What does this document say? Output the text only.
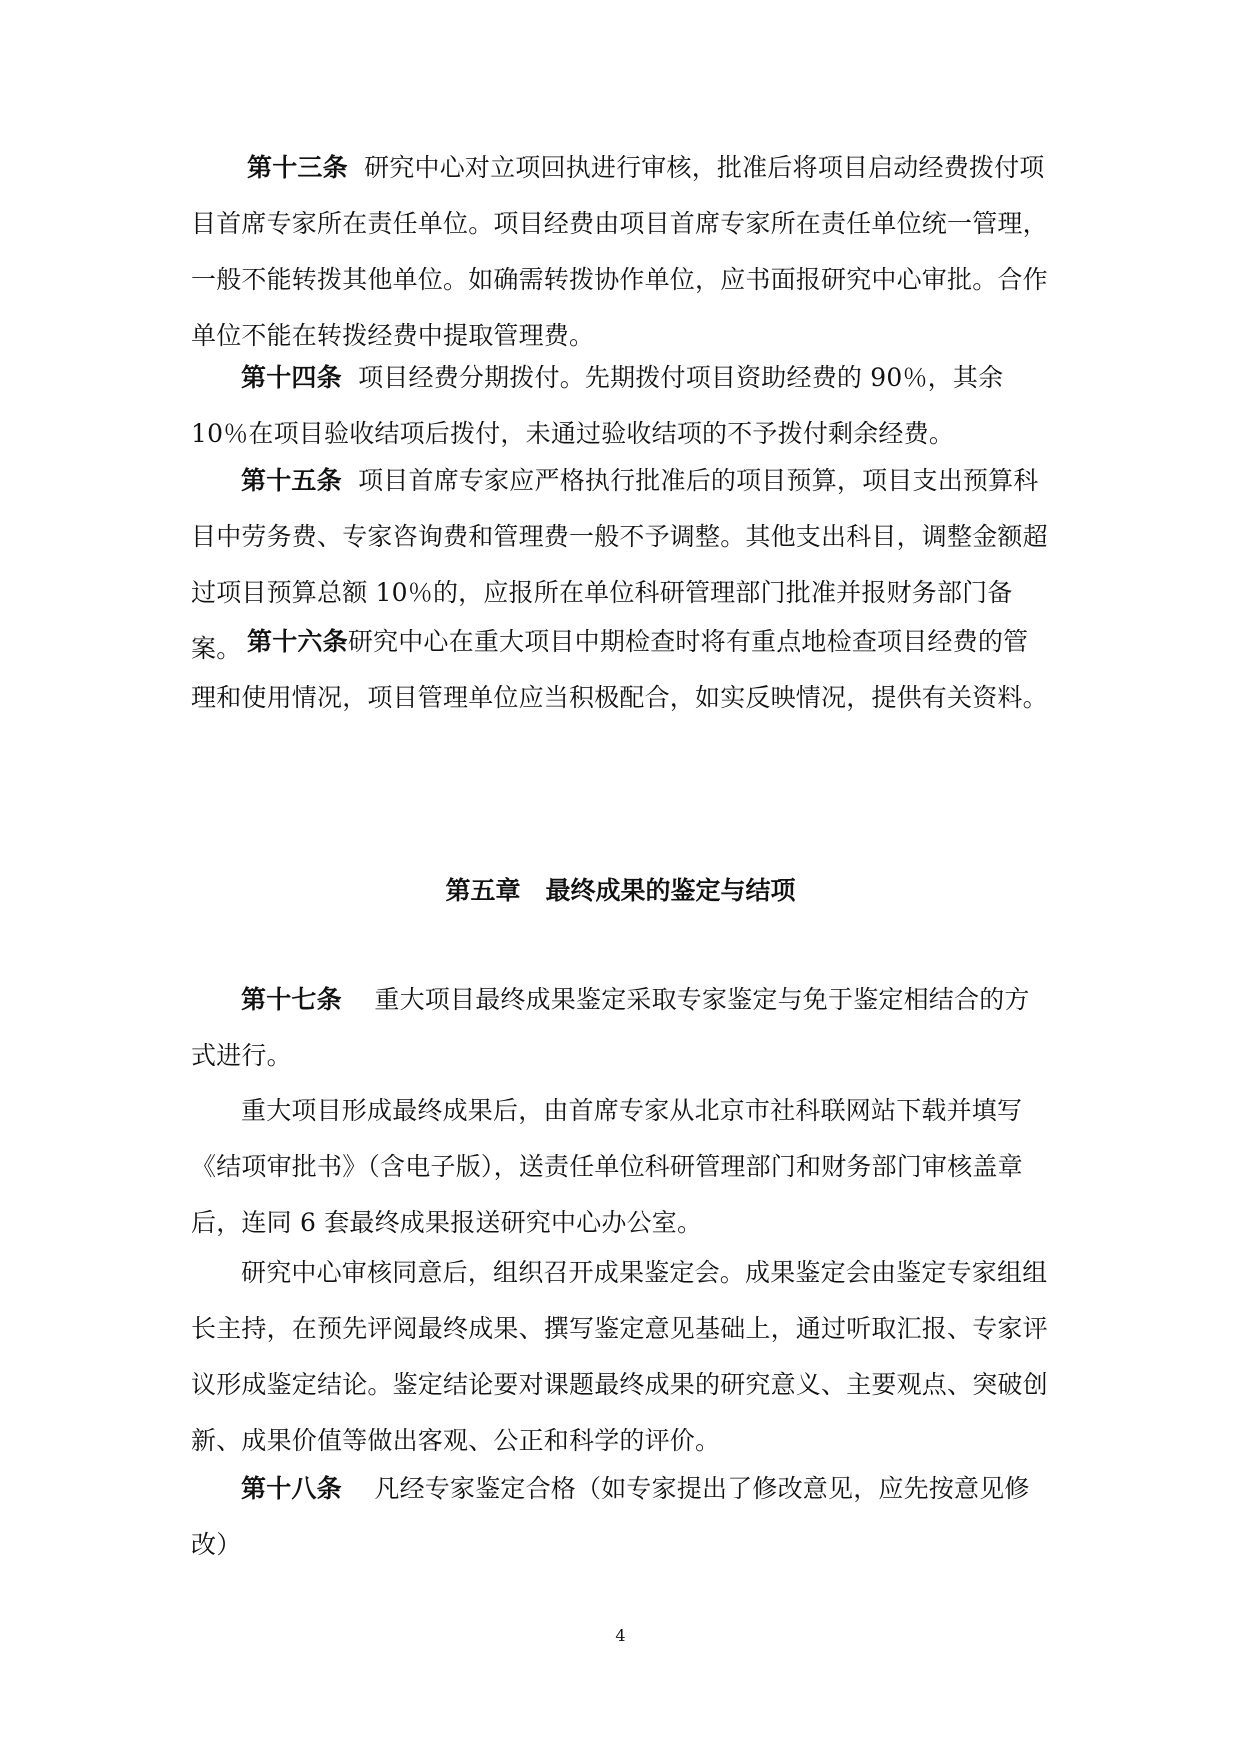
第十三条 研究中心对立项回执进行审核，批准后将项目启动经费拨付项目首席专家所在责任单位。项目经费由项目首席专家所在责任单位统一管理，一般不能转拨其他单位。如确需转拨协作单位，应书面报研究中心审批。合作单位不能在转拨经费中提取管理费。
第十四条 项目经费分期拨付。先期拨付项目资助经费的 90％，其余 10％在项目验收结项后拨付，未通过验收结项的不予拨付剩余经费。
第十五条 项目首席专家应严格执行批准后的项目预算，项目支出预算科目中劳务费、专家咨询费和管理费一般不予调整。其他支出科目，调整金额超过项目预算总额 10％的，应报所在单位科研管理部门批准并报财务部门备案。 第十六条研究中心在重大项目中期检查时将有重点地检查项目经费的管理和使用情况，项目管理单位应当积极配合，如实反映情况，提供有关资料。
第五章　最终成果的鉴定与结项
第十七条 重大项目最终成果鉴定采取专家鉴定与免于鉴定相结合的方式进行。
重大项目形成最终成果后，由首席专家从北京市社科联网站下载并填写《结项审批书》（含电子版），送责任单位科研管理部门和财务部门审核盖章后，连同 6 套最终成果报送研究中心办公室。
研究中心审核同意后，组织召开成果鉴定会。成果鉴定会由鉴定专家组组长主持，在预先评阅最终成果、撰写鉴定意见基础上，通过听取汇报、专家评议形成鉴定结论。鉴定结论要对课题最终成果的研究意义、主要观点、突破创新、成果价值等做出客观、公正和科学的评价。
第十八条 凡经专家鉴定合格（如专家提出了修改意见，应先按意见修改）
4
